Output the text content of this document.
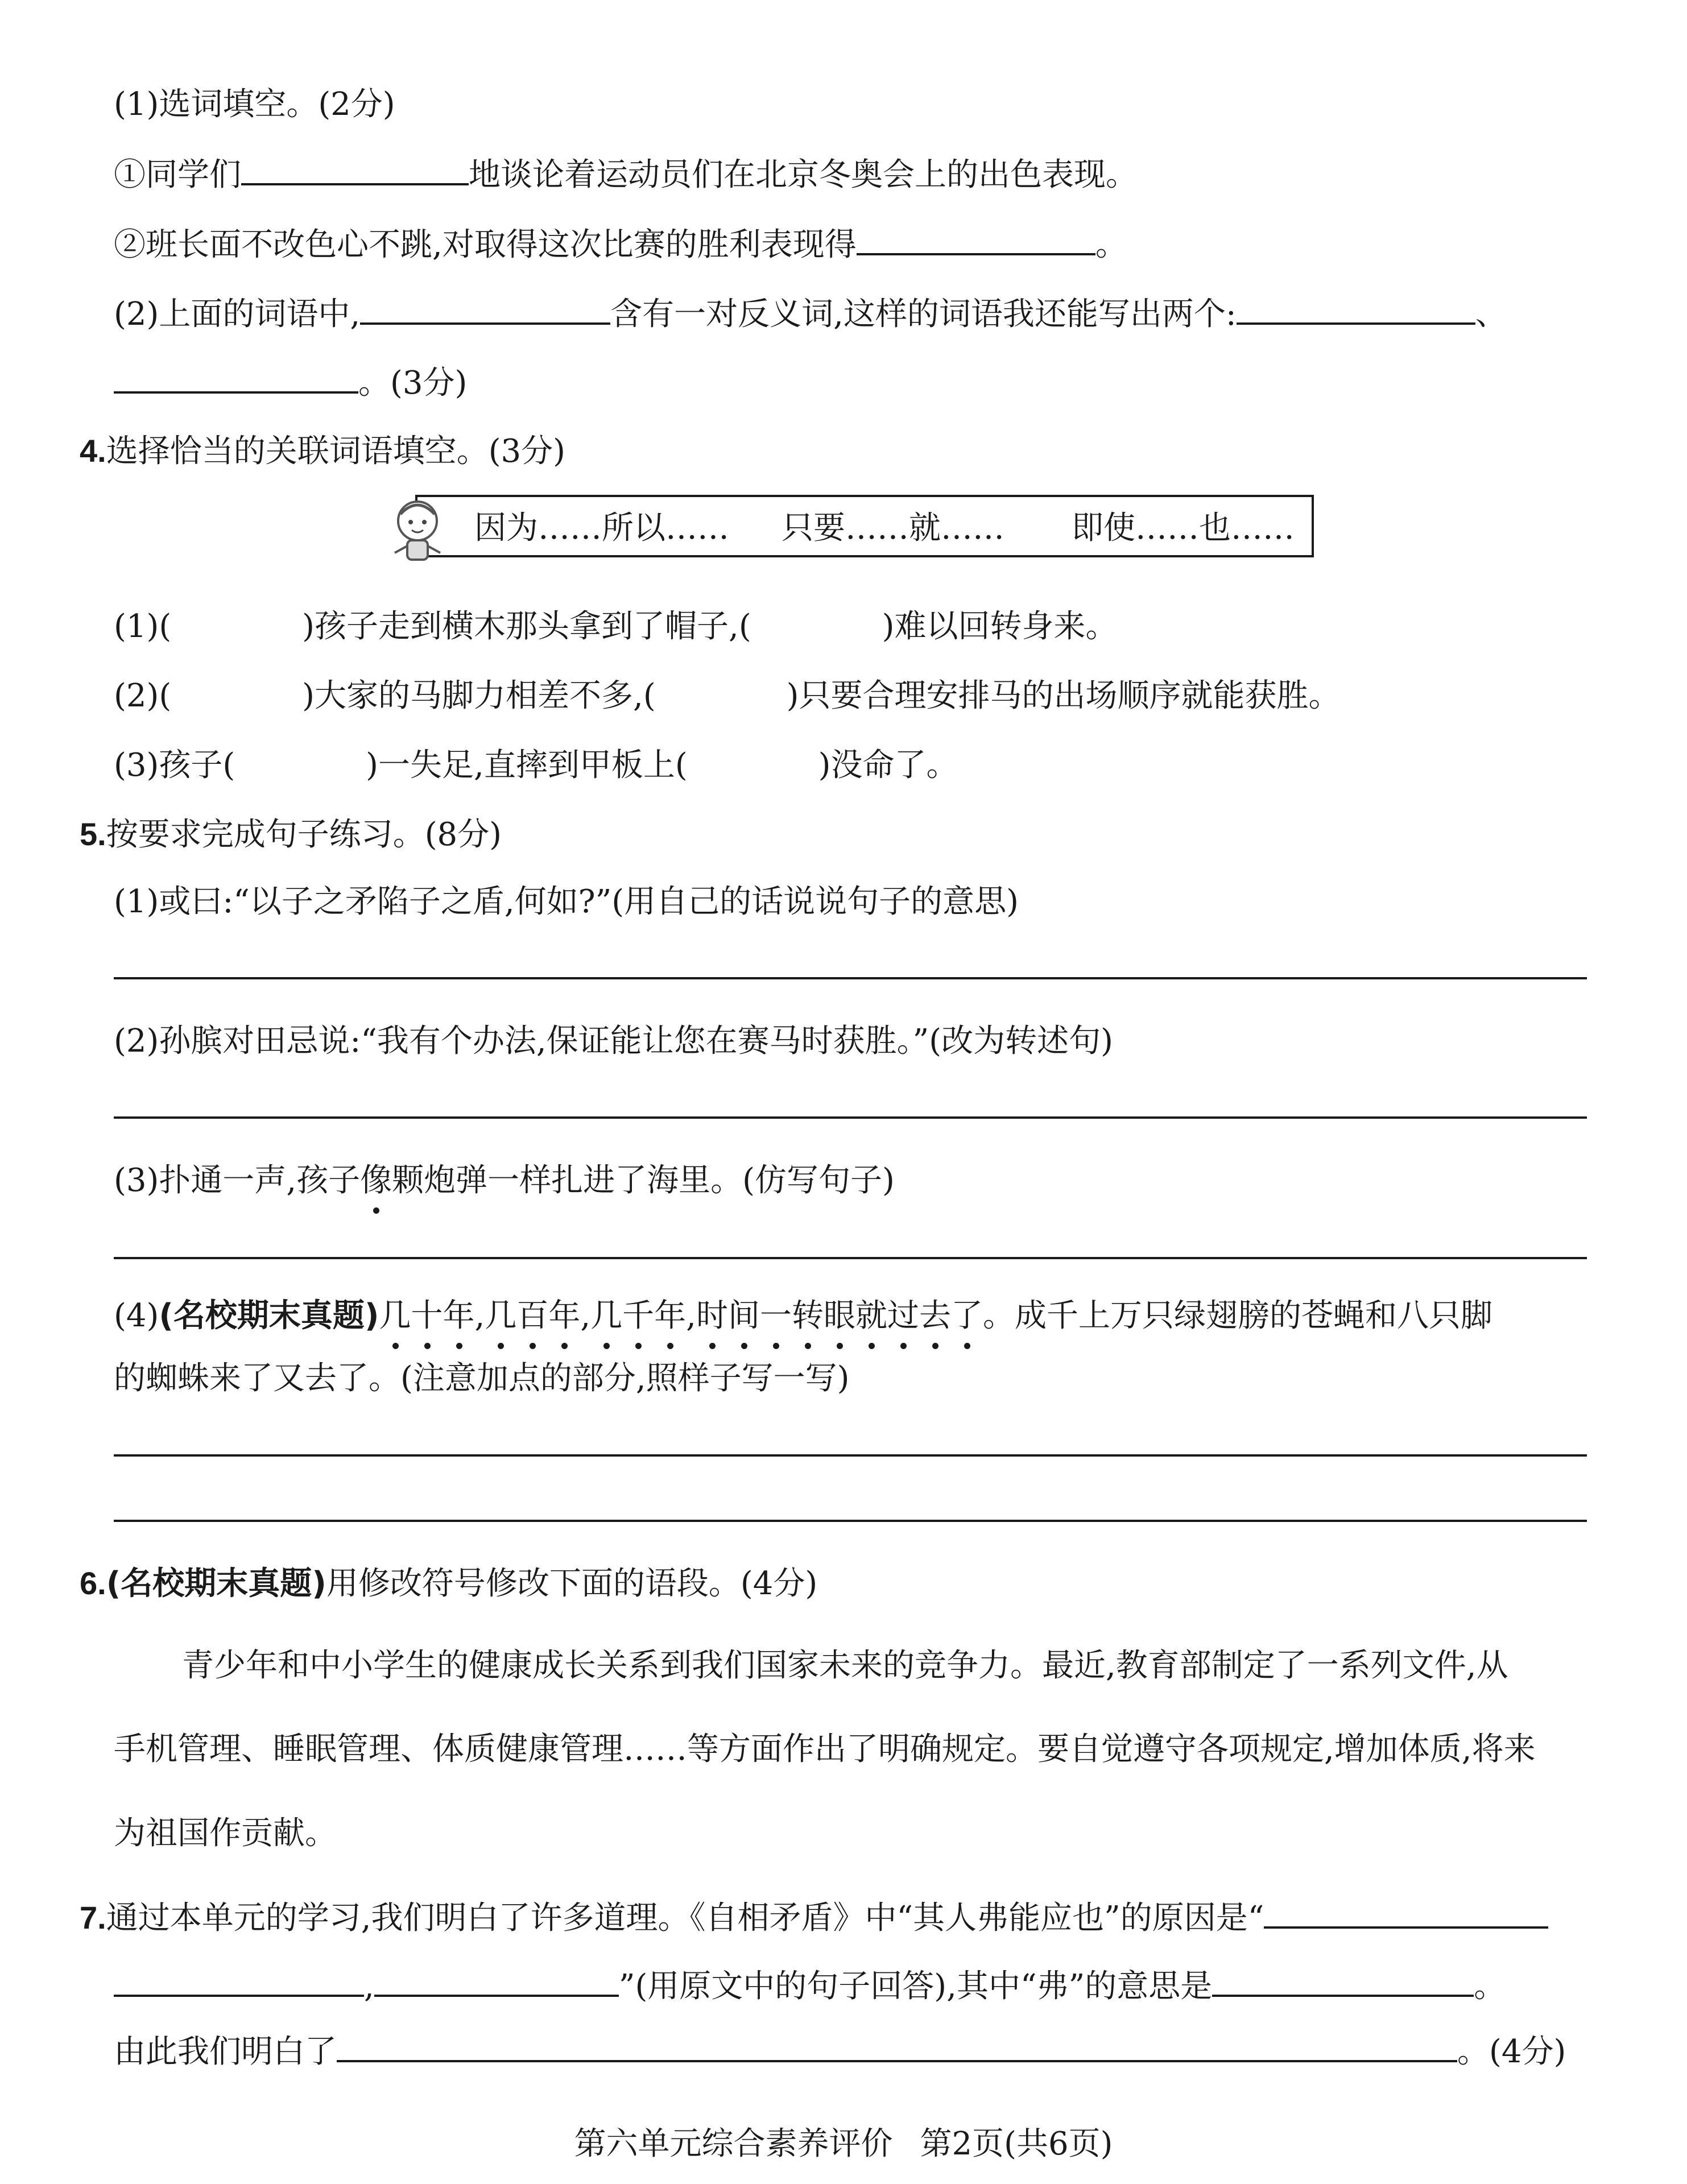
(1)选词填空。(2分)
①同学们	地谈论着运动员们在北京冬奥会上的出色表现。
②班长面不改色心不跳,对取得这次比赛的胜利表现得	。
(2)上面的词语中,	含有一对反义词,这样的词语我还能写出两个:	、
。(3分)
4.选择恰当的关联词语填空。(3分)
因为……所以…… 只要……就…… 即使……也……
(1)(	)孩子走到横木那头拿到了帽子,(	)难以回转身来。
(2)(	)大家的马脚力相差不多,(	)只要合理安排马的出场顺序就能获胜。
(3)孩子(	)一失足,直摔到甲板上(	)没命了。
5.按要求完成句子练习。(8分)
(1)或曰:“以子之矛陷子之盾,何如?”(用自己的话说说句子的意思)
(2)孙膑对田忌说:“我有个办法,保证能让您在赛马时获胜。”(改为转述句)
(3)扑通一声,孩子像颗炮弹一样扎进了海里。(仿写句子)
(4)(名校期末真题)几十年,几百年,几千年,时间一转眼就过去了。成千上万只绿翅膀的苍蝇和八只脚
的蜘蛛来了又去了。(注意加点的部分,照样子写一写)
6.(名校期末真题)用修改符号修改下面的语段。(4分)
青少年和中小学生的健康成长关系到我们国家未来的竞争力。最近,教育部制定了一系列文件,从
手机管理、睡眠管理、体质健康管理……等方面作出了明确规定。要自觉遵守各项规定,增加体质,将来
为祖国作贡献。
7.通过本单元的学习,我们明白了许多道理。《自相矛盾》中“其人弗能应也”的原因是“
,	”(用原文中的句子回答),其中“弗”的意思是	。
由此我们明白了	。(4分)
第六单元综合素养评价 第2页(共6页)
